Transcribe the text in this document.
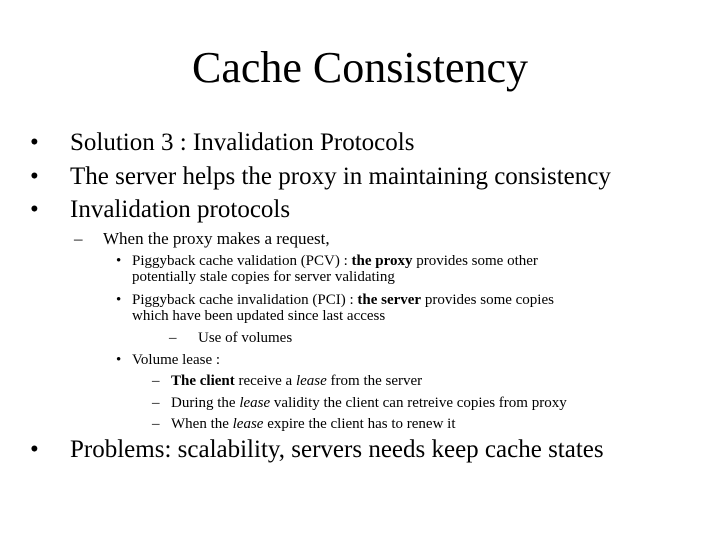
Cache Consistency
• Solution 3 : Invalidation Protocols
• The server helps the proxy in maintaining consistency
• Invalidation protocols
– When the proxy makes a request,
• Piggyback cache validation (PCV) : the proxy provides some other
potentially stale copies for server validating
• Piggyback cache invalidation (PCI) : the server provides some copies
which have been updated since last access
– Use of volumes
• Volume lease :
– The client receive a lease from the server
– During the lease validity the client can retreive copies from proxy
– When the lease expire the client has to renew it
• Problems: scalability, servers needs keep cache states
